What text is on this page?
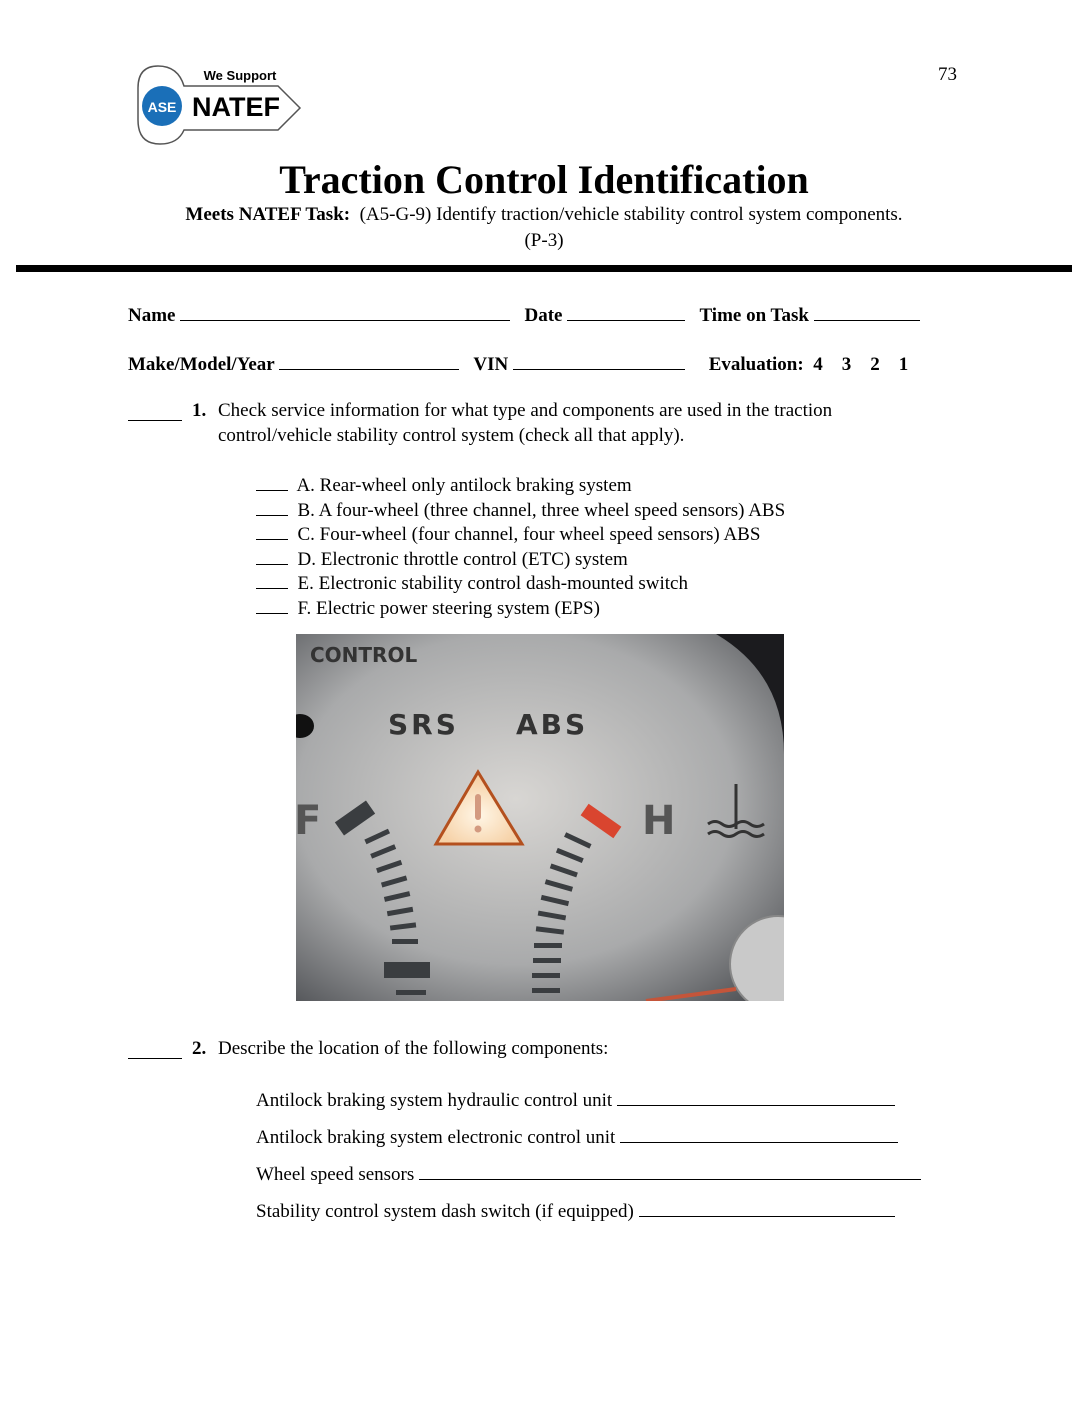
73
ASE
We Support
NATEF
Traction Control Identification
Meets NATEF Task: (A5-G-9) Identify traction/vehicle stability control system components.
(P-3)
Name	Date	Time on Task
Make/Model/Year	VIN	Evaluation: 4 3 2 1
1. Check service information for what type and components are used in the traction
control/vehicle stability control system (check all that apply).
A. Rear-wheel only antilock braking system
B. A four-wheel (three channel, three wheel speed sensors) ABS
C. Four-wheel (four channel, four wheel speed sensors) ABS
D. Electronic throttle control (ETC) system
E. Electronic stability control dash-mounted switch
F. Electric power steering system (EPS)
CONTROL
SRS ABS
F	H
2. Describe the location of the following components:
Antilock braking system hydraulic control unit
Antilock braking system electronic control unit
Wheel speed sensors
Stability control system dash switch (if equipped)
